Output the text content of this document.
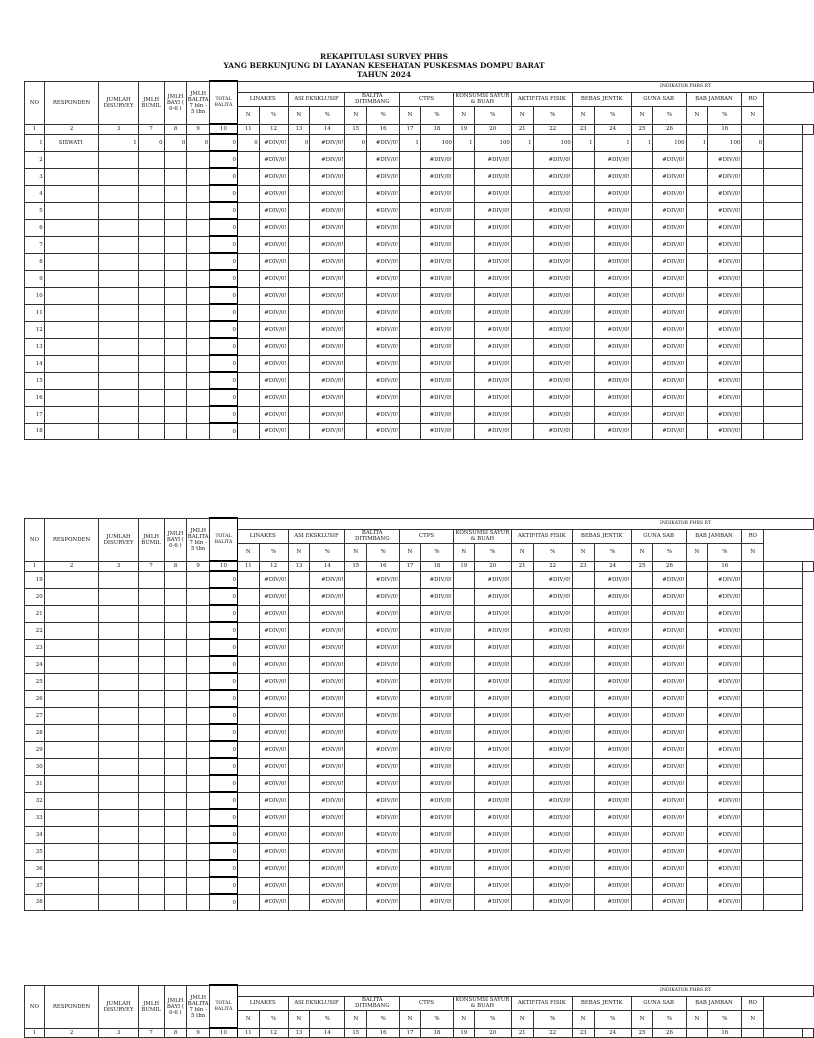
REKAPITULASI SURVEY PHBS
YANG BERKUNJUNG DI LAYANAN KESEHATAN PUSKESMAS DOMPU BARAT
TAHUN 2024
NO	RESPONDEN	JUMLAH DISURVEY	JMLH BUMIL	JMLH BAYI ( 0-6 )	JMLH BALITA 7 bln - 5 thn	TOTAL BALITA	INDIKATOR PHBS RT																				
							LINAKES		ASI EKSKLUSIF		BALITA DITIMBANG		CTPS		KONSUMSI SAYUR & BUAH		AKTIFITAS FISIK		BEBAS JENTIK		GUNA SAB		BAB JAMBAN		RO		
							N	%	N	%	N	%	N	%	N	%	N	%	N	%	N	%	N	%	N		
1	2	3	7	8	9	10	11	12	13	14	15	16	17	18	19	20	21	22	23	24	25	26		16			
1	SISWATI	1	0	0	0	0	0	#DIV/0!	0	#DIV/0!	0	#DIV/0!	1	100	1	100	1	100	1	1	1	100	1	100	0		
2						0		#DIV/0!		#DIV/0!		#DIV/0!		#DIV/0!		#DIV/0!		#DIV/0!		#DIV/0!		#DIV/0!		#DIV/0!			
3						0		#DIV/0!		#DIV/0!		#DIV/0!		#DIV/0!		#DIV/0!		#DIV/0!		#DIV/0!		#DIV/0!		#DIV/0!			
4						0		#DIV/0!		#DIV/0!		#DIV/0!		#DIV/0!		#DIV/0!		#DIV/0!		#DIV/0!		#DIV/0!		#DIV/0!			
5						0		#DIV/0!		#DIV/0!		#DIV/0!		#DIV/0!		#DIV/0!		#DIV/0!		#DIV/0!		#DIV/0!		#DIV/0!			
6						0		#DIV/0!		#DIV/0!		#DIV/0!		#DIV/0!		#DIV/0!		#DIV/0!		#DIV/0!		#DIV/0!		#DIV/0!			
7						0		#DIV/0!		#DIV/0!		#DIV/0!		#DIV/0!		#DIV/0!		#DIV/0!		#DIV/0!		#DIV/0!		#DIV/0!			
8						0		#DIV/0!		#DIV/0!		#DIV/0!		#DIV/0!		#DIV/0!		#DIV/0!		#DIV/0!		#DIV/0!		#DIV/0!			
9						0		#DIV/0!		#DIV/0!		#DIV/0!		#DIV/0!		#DIV/0!		#DIV/0!		#DIV/0!		#DIV/0!		#DIV/0!			
10						0		#DIV/0!		#DIV/0!		#DIV/0!		#DIV/0!		#DIV/0!		#DIV/0!		#DIV/0!		#DIV/0!		#DIV/0!			
11						0		#DIV/0!		#DIV/0!		#DIV/0!		#DIV/0!		#DIV/0!		#DIV/0!		#DIV/0!		#DIV/0!		#DIV/0!			
12						0		#DIV/0!		#DIV/0!		#DIV/0!		#DIV/0!		#DIV/0!		#DIV/0!		#DIV/0!		#DIV/0!		#DIV/0!			
13						0		#DIV/0!		#DIV/0!		#DIV/0!		#DIV/0!		#DIV/0!		#DIV/0!		#DIV/0!		#DIV/0!		#DIV/0!			
14						0		#DIV/0!		#DIV/0!		#DIV/0!		#DIV/0!		#DIV/0!		#DIV/0!		#DIV/0!		#DIV/0!		#DIV/0!			
15						0		#DIV/0!		#DIV/0!		#DIV/0!		#DIV/0!		#DIV/0!		#DIV/0!		#DIV/0!		#DIV/0!		#DIV/0!			
16						0		#DIV/0!		#DIV/0!		#DIV/0!		#DIV/0!		#DIV/0!		#DIV/0!		#DIV/0!		#DIV/0!		#DIV/0!			
17						0		#DIV/0!		#DIV/0!		#DIV/0!		#DIV/0!		#DIV/0!		#DIV/0!		#DIV/0!		#DIV/0!		#DIV/0!			
18						0		#DIV/0!		#DIV/0!		#DIV/0!		#DIV/0!		#DIV/0!		#DIV/0!		#DIV/0!		#DIV/0!		#DIV/0!			
NO	RESPONDEN	JUMLAH DISURVEY	JMLH BUMIL	JMLH BAYI ( 0-6 )	JMLH BALITA 7 bln - 5 thn	TOTAL BALITA	INDIKATOR PHBS RT																				
							LINAKES		ASI EKSKLUSIF		BALITA DITIMBANG		CTPS		KONSUMSI SAYUR & BUAH		AKTIFITAS FISIK		BEBAS JENTIK		GUNA SAB		BAB JAMBAN		RO		
							N	%	N	%	N	%	N	%	N	%	N	%	N	%	N	%	N	%	N		
1	2	3	7	8	9	10	11	12	13	14	15	16	17	18	19	20	21	22	23	24	25	26		16			
19						0		#DIV/0!		#DIV/0!		#DIV/0!		#DIV/0!		#DIV/0!		#DIV/0!		#DIV/0!		#DIV/0!		#DIV/0!			
20						0		#DIV/0!		#DIV/0!		#DIV/0!		#DIV/0!		#DIV/0!		#DIV/0!		#DIV/0!		#DIV/0!		#DIV/0!			
21						0		#DIV/0!		#DIV/0!		#DIV/0!		#DIV/0!		#DIV/0!		#DIV/0!		#DIV/0!		#DIV/0!		#DIV/0!			
22						0		#DIV/0!		#DIV/0!		#DIV/0!		#DIV/0!		#DIV/0!		#DIV/0!		#DIV/0!		#DIV/0!		#DIV/0!			
23						0		#DIV/0!		#DIV/0!		#DIV/0!		#DIV/0!		#DIV/0!		#DIV/0!		#DIV/0!		#DIV/0!		#DIV/0!			
24						0		#DIV/0!		#DIV/0!		#DIV/0!		#DIV/0!		#DIV/0!		#DIV/0!		#DIV/0!		#DIV/0!		#DIV/0!			
25						0		#DIV/0!		#DIV/0!		#DIV/0!		#DIV/0!		#DIV/0!		#DIV/0!		#DIV/0!		#DIV/0!		#DIV/0!			
26						0		#DIV/0!		#DIV/0!		#DIV/0!		#DIV/0!		#DIV/0!		#DIV/0!		#DIV/0!		#DIV/0!		#DIV/0!			
27						0		#DIV/0!		#DIV/0!		#DIV/0!		#DIV/0!		#DIV/0!		#DIV/0!		#DIV/0!		#DIV/0!		#DIV/0!			
28						0		#DIV/0!		#DIV/0!		#DIV/0!		#DIV/0!		#DIV/0!		#DIV/0!		#DIV/0!		#DIV/0!		#DIV/0!			
29						0		#DIV/0!		#DIV/0!		#DIV/0!		#DIV/0!		#DIV/0!		#DIV/0!		#DIV/0!		#DIV/0!		#DIV/0!			
30						0		#DIV/0!		#DIV/0!		#DIV/0!		#DIV/0!		#DIV/0!		#DIV/0!		#DIV/0!		#DIV/0!		#DIV/0!			
31						0		#DIV/0!		#DIV/0!		#DIV/0!		#DIV/0!		#DIV/0!		#DIV/0!		#DIV/0!		#DIV/0!		#DIV/0!			
32						0		#DIV/0!		#DIV/0!		#DIV/0!		#DIV/0!		#DIV/0!		#DIV/0!		#DIV/0!		#DIV/0!		#DIV/0!			
33						0		#DIV/0!		#DIV/0!		#DIV/0!		#DIV/0!		#DIV/0!		#DIV/0!		#DIV/0!		#DIV/0!		#DIV/0!			
34						0		#DIV/0!		#DIV/0!		#DIV/0!		#DIV/0!		#DIV/0!		#DIV/0!		#DIV/0!		#DIV/0!		#DIV/0!			
35						0		#DIV/0!		#DIV/0!		#DIV/0!		#DIV/0!		#DIV/0!		#DIV/0!		#DIV/0!		#DIV/0!		#DIV/0!			
36						0		#DIV/0!		#DIV/0!		#DIV/0!		#DIV/0!		#DIV/0!		#DIV/0!		#DIV/0!		#DIV/0!		#DIV/0!			
37						0		#DIV/0!		#DIV/0!		#DIV/0!		#DIV/0!		#DIV/0!		#DIV/0!		#DIV/0!		#DIV/0!		#DIV/0!			
38						0		#DIV/0!		#DIV/0!		#DIV/0!		#DIV/0!		#DIV/0!		#DIV/0!		#DIV/0!		#DIV/0!		#DIV/0!			
NO	RESPONDEN	JUMLAH DISURVEY	JMLH BUMIL	JMLH BAYI ( 0-6 )	JMLH BALITA 7 bln - 5 thn	TOTAL BALITA	INDIKATOR PHBS RT																				
							LINAKES		ASI EKSKLUSIF		BALITA DITIMBANG		CTPS		KONSUMSI SAYUR & BUAH		AKTIFITAS FISIK		BEBAS JENTIK		GUNA SAB		BAB JAMBAN		RO		
							N	%	N	%	N	%	N	%	N	%	N	%	N	%	N	%	N	%	N		
1	2	3	7	8	9	10	11	12	13	14	15	16	17	18	19	20	21	22	23	24	25	26		16			
